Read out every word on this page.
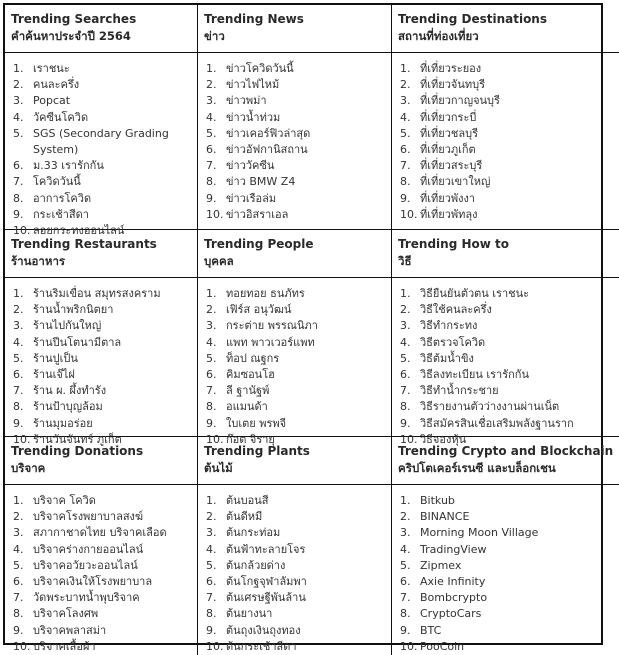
Trending Searches
คำค้นหาประจำปี 2564
1. เราชนะ
2. คนละครึ่ง
3. Popcat
4. วัคซีนโควิด
5. SGS (Secondary Grading System)
6. ม.33 เรารักกัน
7. โควิดวันนี้
8. อาการโควิด
9. กระเช้าสีดา
10. ลอยกระทงออนไลน์
Trending News
ข่าว
1. ข่าวโควิดวันนี้
2. ข่าวไฟไหม้
3. ข่าวพม่า
4. ข่าวน้ำท่วม
5. ข่าวเคอร์ฟิวล่าสุด
6. ข่าวอัฟกานิสถาน
7. ข่าววัคซีน
8. ข่าว BMW Z4
9. ข่าวเรือล่ม
10. ข่าวอิสราเอล
Trending Destinations
สถานที่ท่องเที่ยว
1. ที่เที่ยวระยอง
2. ที่เที่ยวจันทบุรี
3. ที่เที่ยวกาญจนบุรี
4. ที่เที่ยวกระบี่
5. ที่เที่ยวชลบุรี
6. ที่เที่ยวภูเก็ต
7. ที่เที่ยวสระบุรี
8. ที่เที่ยวเขาใหญ่
9. ที่เที่ยวพังงา
10. ที่เที่ยวพัทลุง
Trending Restaurants
ร้านอาหาร
1. ร้านริมเขื่อน สมุทรสงคราม
2. ร้านน้ำพริกนิตยา
3. ร้านไปกันใหญ่
4. ร้านปีนโตนามีตาล
5. ร้านปูเป็น
6. ร้านเจ๊ไฝ
7. ร้าน ผ. ผึ้งทำรัง
8. ร้านป้าบุญล้อม
9. ร้านมุมอร่อย
10. ร้านวันจันทร์ ภูเก็ต
Trending People
บุคคล
1. ทอยทอย ธนภัทร
2. เฟิร์ส อนุวัฒน์
3. กระต่าย พรรณนิภา
4. แพท พาวเวอร์แพท
5. ท็อป ณฐกร
6. คิมซอนโฮ
7. ลี ฐานัฐพ์
8. อแมนด้า
9. ใบเตย พรพจี
10. ก๊อต จิรายุ
Trending How to
วิธี
1. วิธียืนยันตัวตน เราชนะ
2. วิธีใช้คนละครึ่ง
3. วิธีทำกระทง
4. วิธีตรวจโควิด
5. วิธีต้มน้ำขิง
6. วิธีลงทะเบียน เรารักกัน
7. วิธีทำน้ำกระชาย
8. วิธีรายงานตัวว่างงานผ่านเน็ต
9. วิธีสมัครสินเชื่อเสริมพลังฐานราก
10. วิธีจองหุ้น
Trending Donations
บริจาค
1. บริจาค โควิด
2. บริจาคโรงพยาบาลสงฆ์
3. สภากาชาดไทย บริจาคเลือด
4. บริจาคร่างกายออนไลน์
5. บริจาคอวัยวะออนไลน์
6. บริจาคเงินให้โรงพยาบาล
7. วัดพระบาทน้ำพุบริจาค
8. บริจาคโลงศพ
9. บริจาคพลาสม่า
10. บริจาคเสื้อผ้า
Trending Plants
ต้นไม้
1. ต้นบอนสี
2. ต้นดีหมี
3. ต้นกระท่อม
4. ต้นฟ้าทะลายโจร
5. ต้นกล้วยด่าง
6. ต้นโกฐจุฬาลัมพา
7. ต้นเศรษฐีพันล้าน
8. ต้นยางนา
9. ต้นถุงเงินถุงทอง
10. ต้นกระเช้าสีดา
Trending Crypto and Blockchain
คริปโตเคอร์เรนซี และบล็อกเชน
1. Bitkub
2. BINANCE
3. Morning Moon Village
4. TradingView
5. Zipmex
6. Axie Infinity
7. Bombcrypto
8. CryptoCars
9. BTC
10. PooCoin
